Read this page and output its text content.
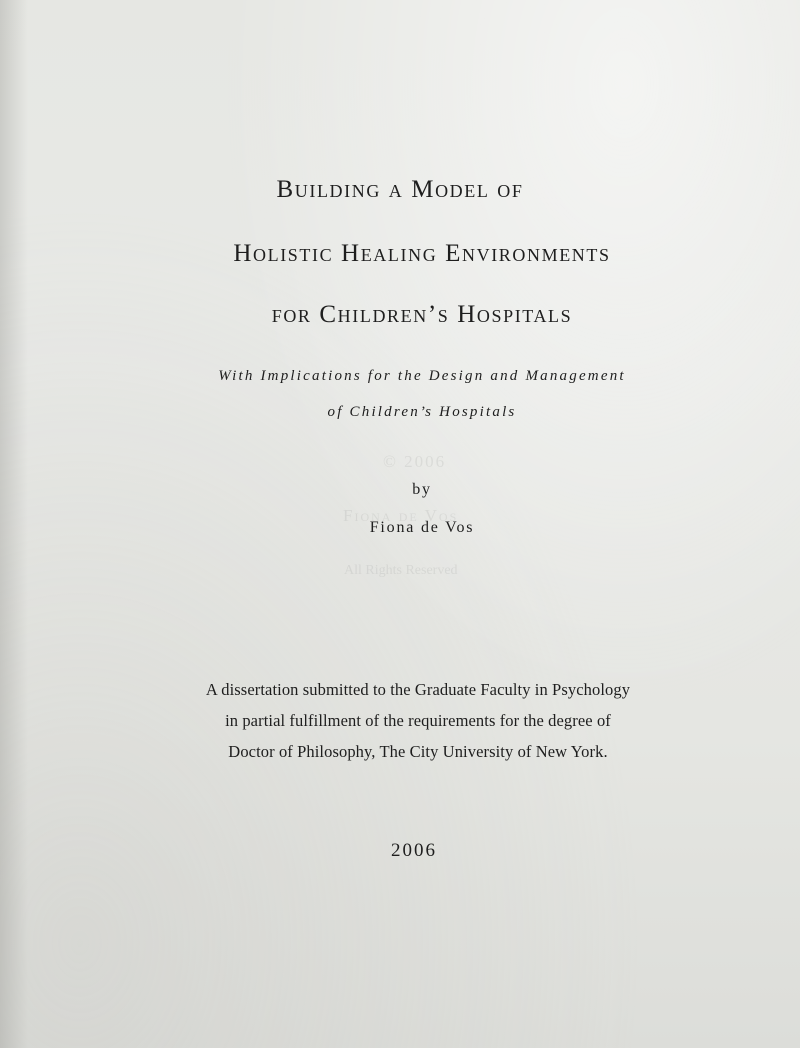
© 2006
Fiona de Vos
All Rights Reserved
Building a Model of
Holistic Healing Environments
for Children’s Hospitals
With Implications for the Design and Management
of Children’s Hospitals
by
Fiona de Vos
A dissertation submitted to the Graduate Faculty in Psychology
in partial fulfillment of the requirements for the degree of
Doctor of Philosophy, The City University of New York.
2006
